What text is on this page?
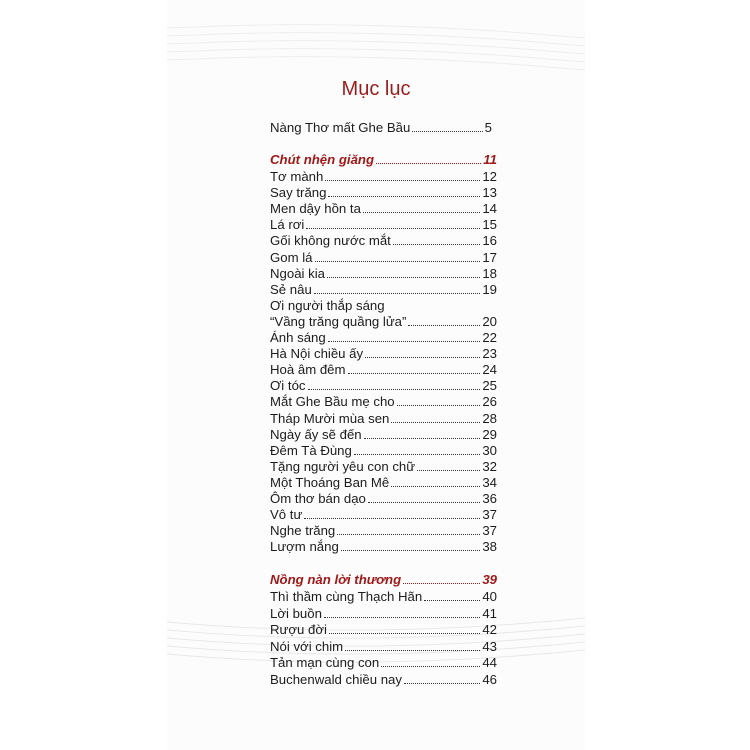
Mục lục
Nàng Thơ mất Ghe Bầu	5
Chút nhện giăng	11
Tơ mành	12
Say trăng	13
Men dậy hồn ta	14
Lá rơi	15
Gối không nước mắt	16
Gom lá	17
Ngoài kia	18
Sẻ nâu	19
Ơi người thắp sáng
“Vầng trăng quầng lửa”	20
Ánh sáng	22
Hà Nội chiều ấy	23
Hoà âm đêm	24
Ơi tóc	25
Mắt Ghe Bầu mẹ cho	26
Tháp Mười mùa sen	28
Ngày ấy sẽ đến	29
Đêm Tà Đùng	30
Tặng người yêu con chữ	32
Một Thoáng Ban Mê	34
Ôm thơ bán dạo	36
Vô tư	37
Nghe trăng	37
Lượm nắng	38
Nồng nàn lời thương	39
Thì thầm cùng Thạch Hãn	40
Lời buồn	41
Rượu đời	42
Nói với chim	43
Tản mạn cùng con	44
Buchenwald chiều nay	46
